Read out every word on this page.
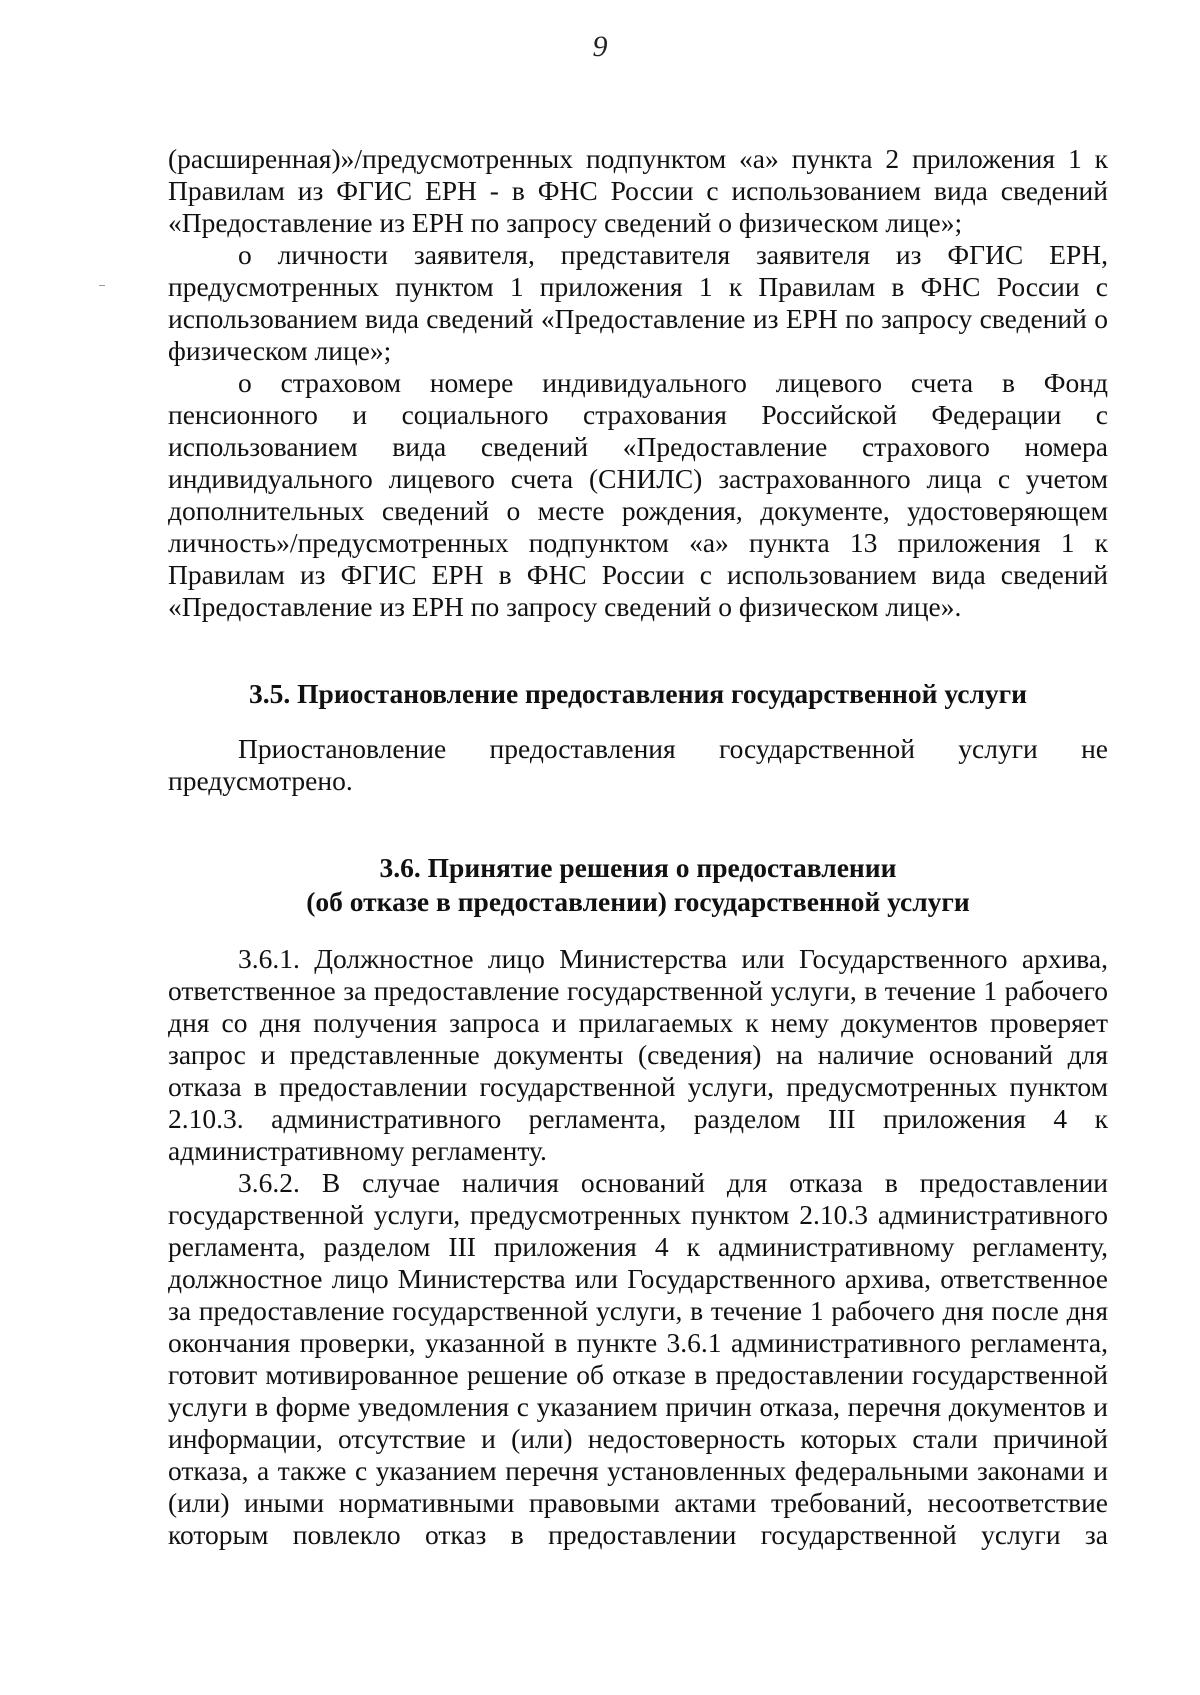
9

(расширенная)»/предусмотренных подпунктом «а» пункта 2 приложения 1 к Правилам из ФГИС ЕРН - в ФНС России с использованием вида сведений «Предоставление из ЕРН по запросу сведений о физическом лице»;

о личности заявителя, представителя заявителя из ФГИС ЕРН, предусмотренных пунктом 1 приложения 1 к Правилам в ФНС России с использованием вида сведений «Предоставление из ЕРН по запросу сведений о физическом лице»;

о страховом номере индивидуального лицевого счета в Фонд пенсионного и социального страхования Российской Федерации с использованием вида сведений «Предоставление страхового номера индивидуального лицевого счета (СНИЛС) застрахованного лица с учетом дополнительных сведений о месте рождения, документе, удостоверяющем личность»/предусмотренных подпунктом «а» пункта 13 приложения 1 к Правилам из ФГИС ЕРН в ФНС России с использованием вида сведений «Предоставление из ЕРН по запросу сведений о физическом лице».

3.5. Приостановление предоставления государственной услуги

Приостановление предоставления государственной услуги не предусмотрено.

3.6. Принятие решения о предоставлении
(об отказе в предоставлении) государственной услуги

3.6.1. Должностное лицо Министерства или Государственного архива, ответственное за предоставление государственной услуги, в течение 1 рабочего дня со дня получения запроса и прилагаемых к нему документов проверяет запрос и представленные документы (сведения) на наличие оснований для отказа в предоставлении государственной услуги, предусмотренных пунктом 2.10.3. административного регламента, разделом III приложения 4 к административному регламенту.

3.6.2. В случае наличия оснований для отказа в предоставлении государственной услуги, предусмотренных пунктом 2.10.3 административного регламента, разделом III приложения 4 к административному регламенту, должностное лицо Министерства или Государственного архива, ответственное за предоставление государственной услуги, в течение 1 рабочего дня после дня окончания проверки, указанной в пункте 3.6.1 административного регламента, готовит мотивированное решение об отказе в предоставлении государственной услуги в форме уведомления с указанием причин отказа, перечня документов и информации, отсутствие и (или) недостоверность которых стали причиной отказа, а также с указанием перечня установленных федеральными законами и (или) иными нормативными правовыми актами требований, несоответствие которым повлекло отказ в предоставлении государственной услуги за
